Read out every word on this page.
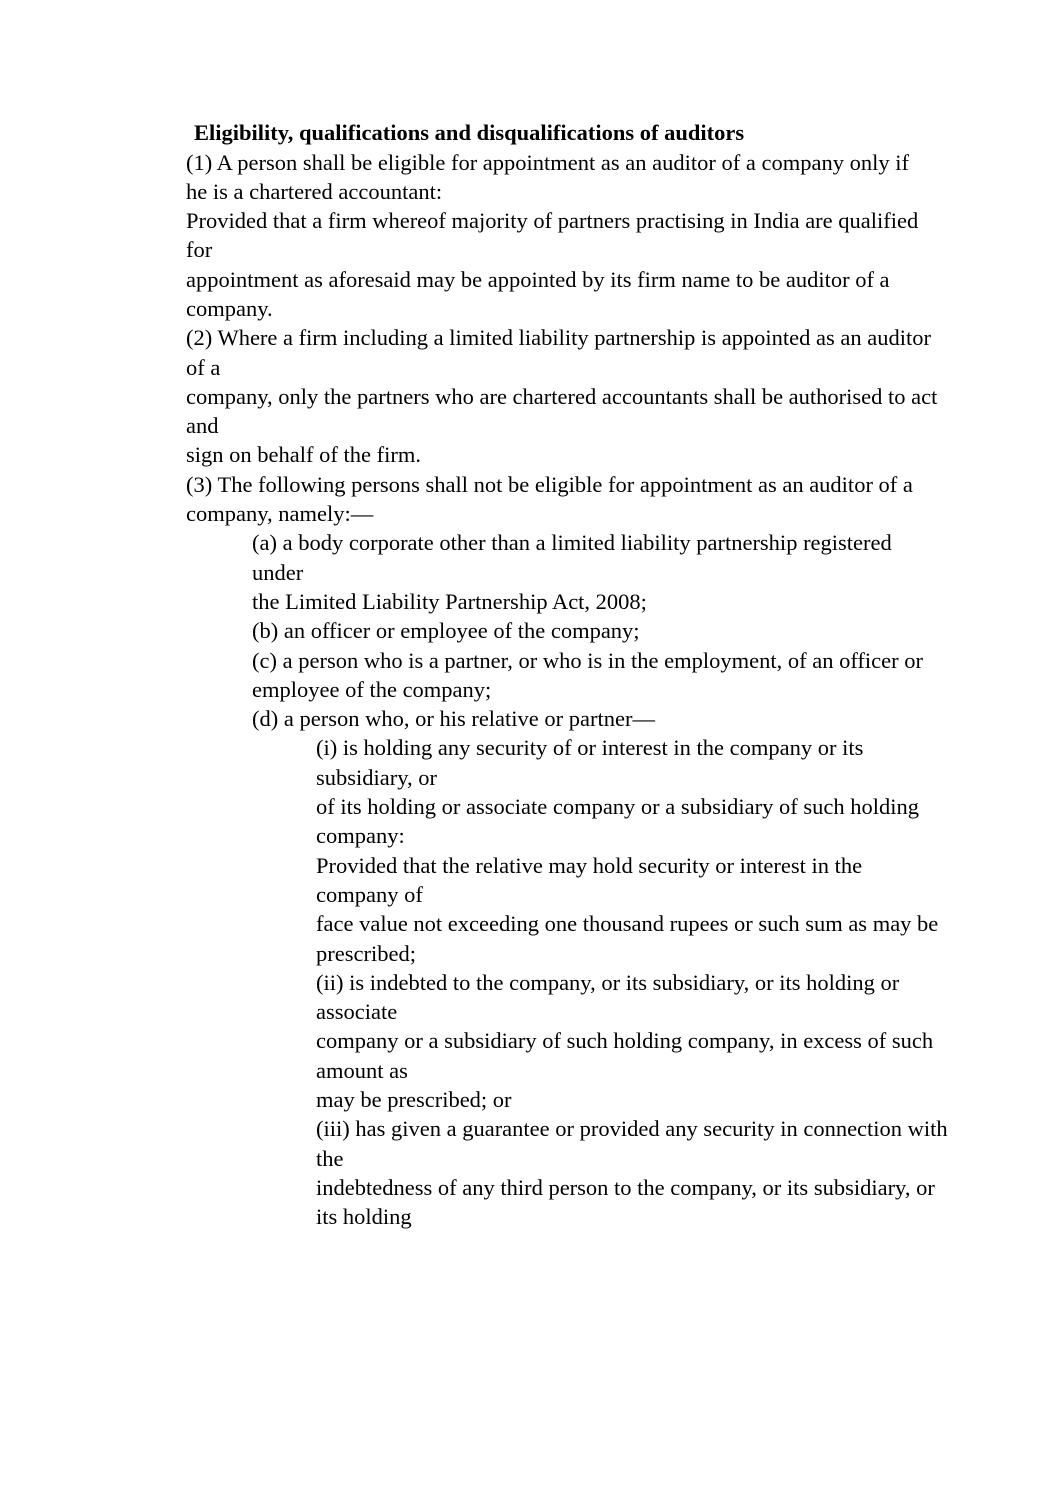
Eligibility, qualifications and disqualifications of auditors

(1) A person shall be eligible for appointment as an auditor of a company only if

he is a chartered accountant:

Provided that a firm whereof majority of partners practising in India are qualified for

appointment as aforesaid may be appointed by its firm name to be auditor of a company.

(2) Where a firm including a limited liability partnership is appointed as an auditor of a

company, only the partners who are chartered accountants shall be authorised to act and

sign on behalf of the firm.

(3) The following persons shall not be eligible for appointment as an auditor of a

company, namely:—

(a) a body corporate other than a limited liability partnership registered under

the Limited Liability Partnership Act, 2008;

(b) an officer or employee of the company;

(c) a person who is a partner, or who is in the employment, of an officer or

employee of the company;

(d) a person who, or his relative or partner—

(i) is holding any security of or interest in the company or its subsidiary, or

of its holding or associate company or a subsidiary of such holding company:

Provided that the relative may hold security or interest in the company of

face value not exceeding one thousand rupees or such sum as may be prescribed;

(ii) is indebted to the company, or its subsidiary, or its holding or associate

company or a subsidiary of such holding company, in excess of such amount as

may be prescribed; or

(iii) has given a guarantee or provided any security in connection with the

indebtedness of any third person to the company, or its subsidiary, or its holding
